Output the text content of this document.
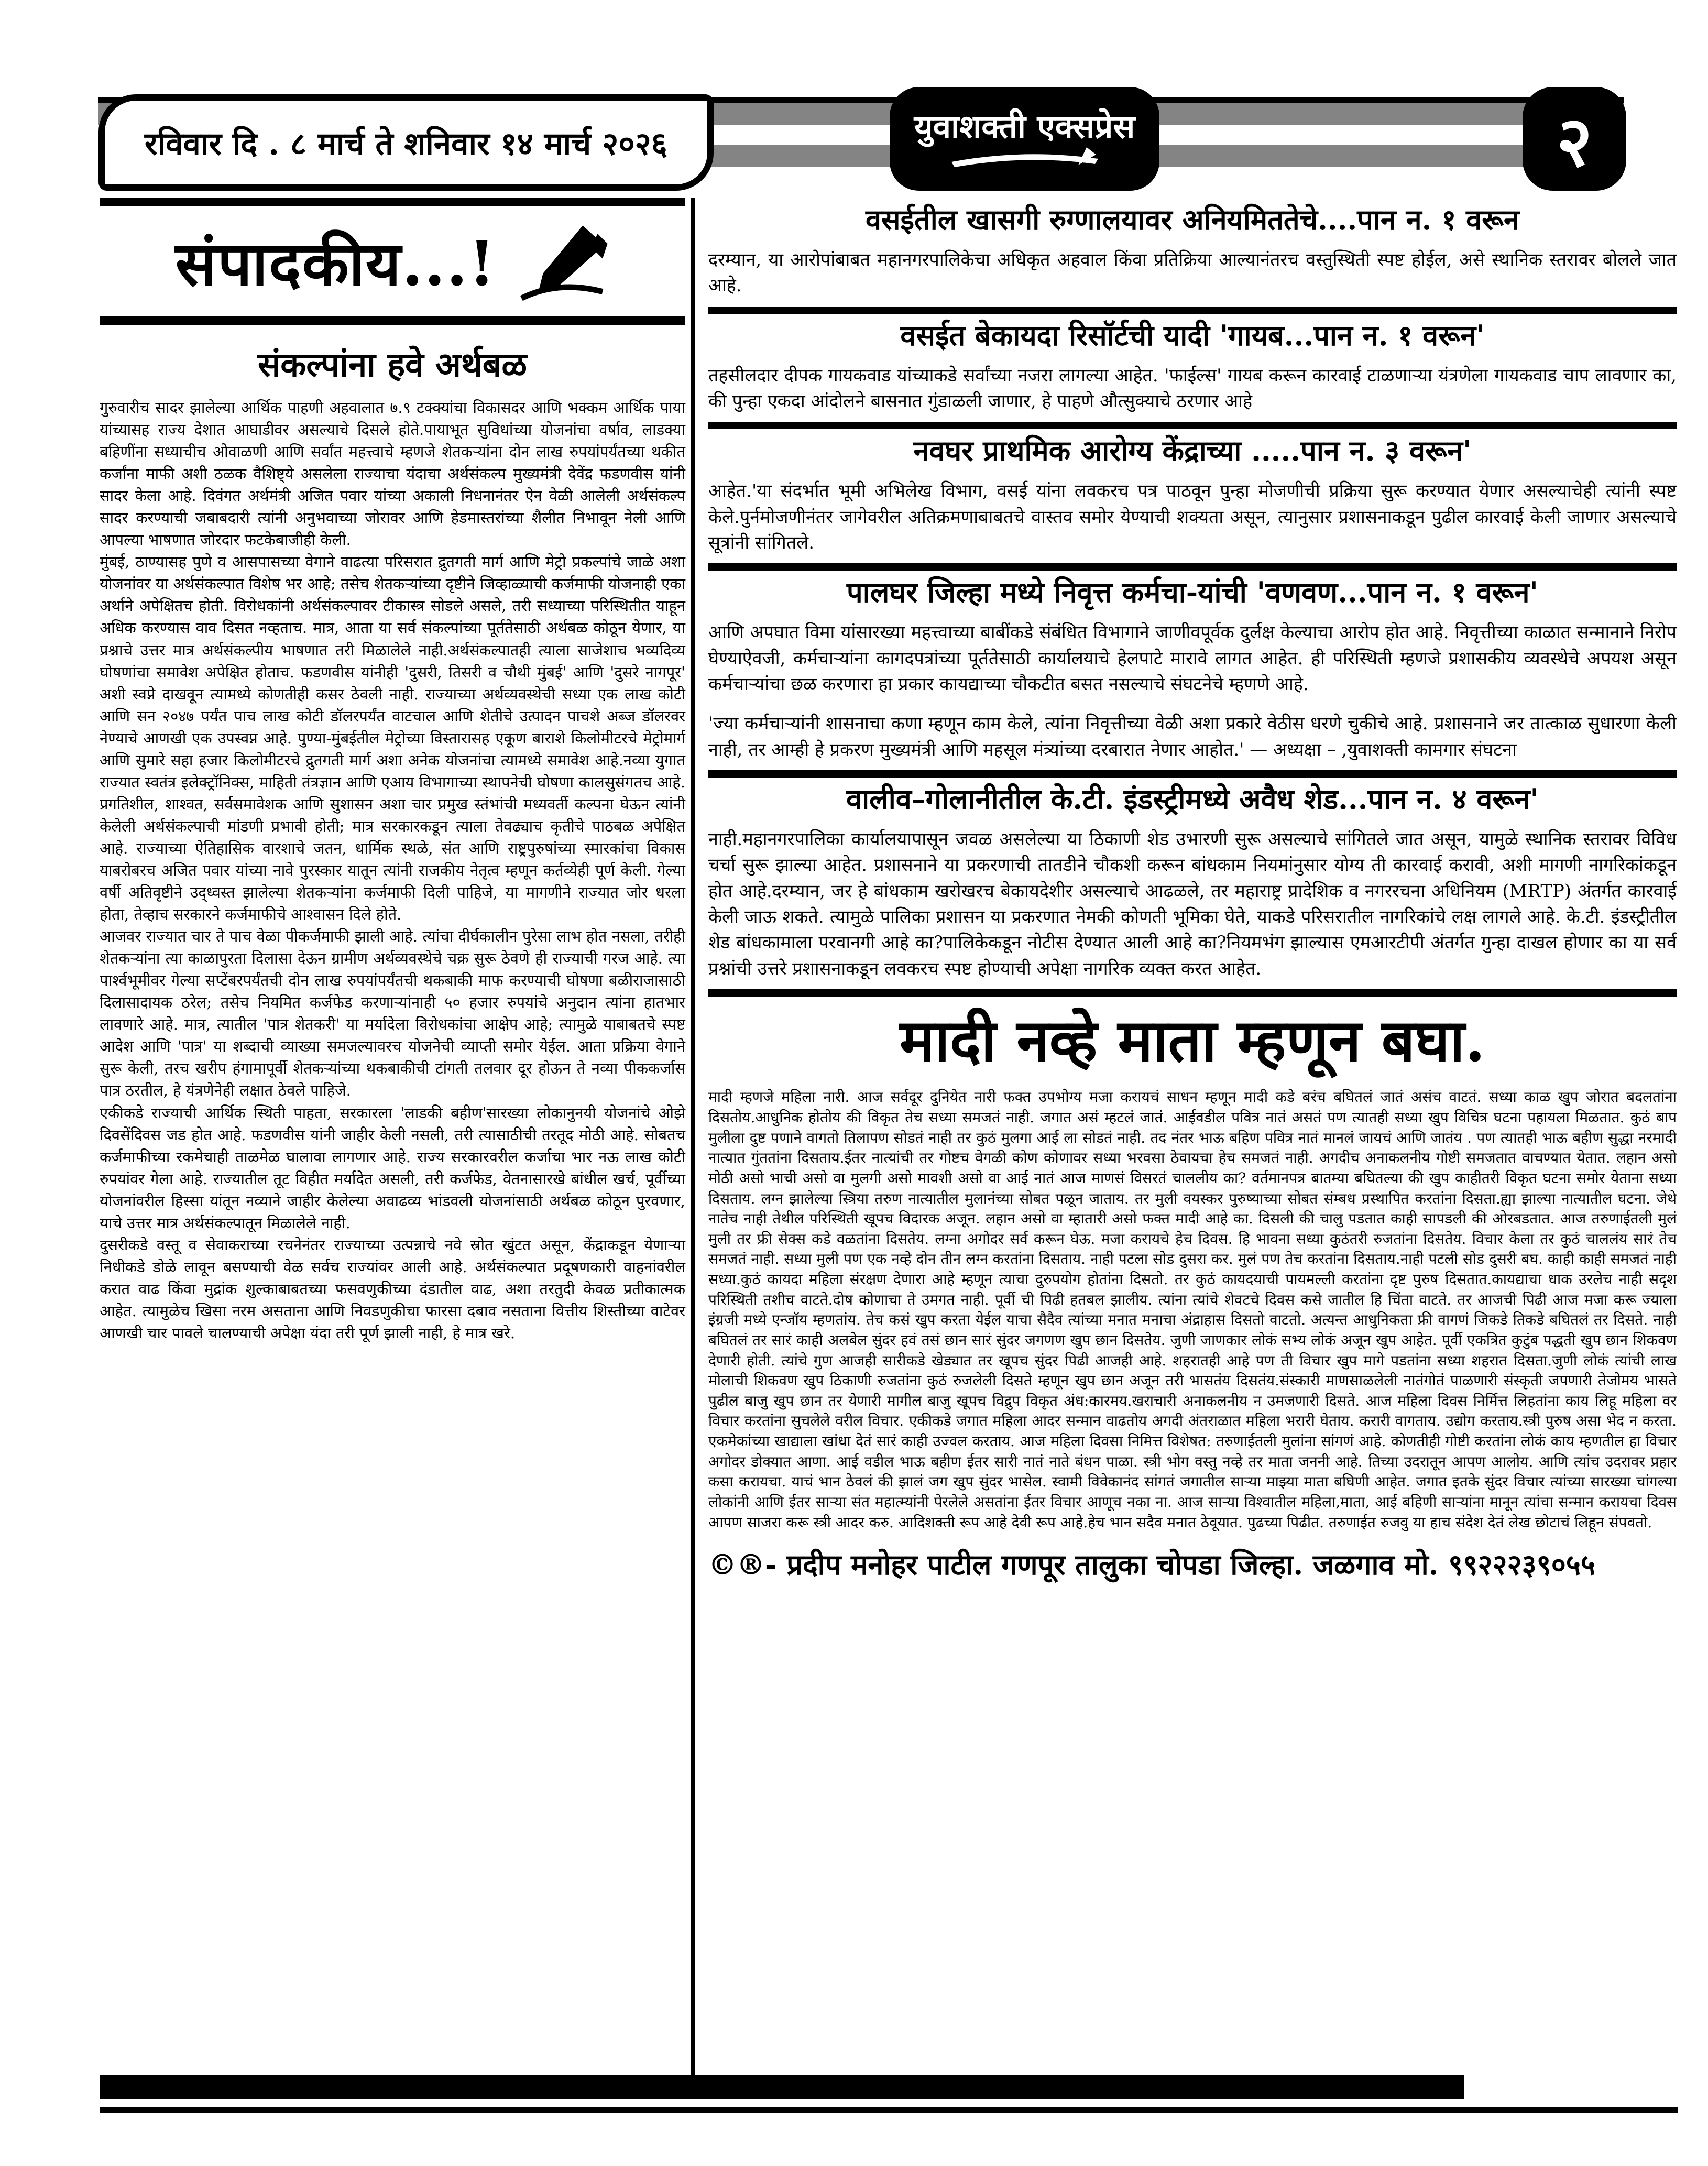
रविवार दि . ८ मार्च ते शनिवार १४ मार्च २०२६	युवाशक्ती एक्सप्रेस	२
संपादकीय...!
संकल्पांना हवे अर्थबळ

गुरुवारीच सादर झालेल्या आर्थिक पाहणी अहवालात ७.९ टक्क्यांचा विकासदर आणि भक्कम आर्थिक पाया यांच्यासह राज्य देशात आघाडीवर असल्याचे दिसले होते.पायाभूत सुविधांच्या योजनांचा वर्षाव, लाडक्या बहिणींना सध्याचीच ओवाळणी आणि सर्वांत महत्त्वाचे म्हणजे शेतकऱ्यांना दोन लाख रुपयांपर्यंतच्या थकीत कर्जांना माफी अशी ठळक वैशिष्ट्ये असलेला राज्याचा यंदाचा अर्थसंकल्प मुख्यमंत्री देवेंद्र फडणवीस यांनी सादर केला आहे. दिवंगत अर्थमंत्री अजित पवार यांच्या अकाली निधनानंतर ऐन वेळी आलेली अर्थसंकल्प सादर करण्याची जबाबदारी त्यांनी अनुभवाच्या जोरावर आणि हेडमास्तरांच्या शैलीत निभावून नेली आणि आपल्या भाषणात जोरदार फटकेबाजीही केली.

मुंबई, ठाण्यासह पुणे व आसपासच्या वेगाने वाढत्या परिसरात द्रुतगती मार्ग आणि मेट्रो प्रकल्पांचे जाळे अशा योजनांवर या अर्थसंकल्पात विशेष भर आहे; तसेच शेतकऱ्यांच्या दृष्टीने जिव्हाळ्याची कर्जमाफी योजनाही एका अर्थाने अपेक्षितच होती. विरोधकांनी अर्थसंकल्पावर टीकास्त्र सोडले असले, तरी सध्याच्या परिस्थितीत याहून अधिक करण्यास वाव दिसत नव्हताच. मात्र, आता या सर्व संकल्पांच्या पूर्ततेसाठी अर्थबळ कोठून येणार, या प्रश्नाचे उत्तर मात्र अर्थसंकल्पीय भाषणात तरी मिळालेले नाही.अर्थसंकल्पातही त्याला साजेशाच भव्यदिव्य घोषणांचा समावेश अपेक्षित होताच. फडणवीस यांनीही 'दुसरी, तिसरी व चौथी मुंबई' आणि 'दुसरे नागपूर' अशी स्वप्ने दाखवून त्यामध्ये कोणतीही कसर ठेवली नाही. राज्याच्या अर्थव्यवस्थेची सध्या एक लाख कोटी आणि सन २०४७ पर्यंत पाच लाख कोटी डॉलरपर्यंत वाटचाल आणि शेतीचे उत्पादन पाचशे अब्ज डॉलरवर नेण्याचे आणखी एक उपस्वप्न आहे. पुण्या-मुंबईतील मेट्रोच्या विस्तारासह एकूण बाराशे किलोमीटरचे मेट्रोमार्ग आणि सुमारे सहा हजार किलोमीटरचे द्रुतगती मार्ग अशा अनेक योजनांचा त्यामध्ये समावेश आहे.नव्या युगात राज्यात स्वतंत्र इलेक्ट्रॉनिक्स, माहिती तंत्रज्ञान आणि एआय विभागाच्या स्थापनेची घोषणा कालसुसंगतच आहे. प्रगतिशील, शाश्वत, सर्वसमावेशक आणि सुशासन अशा चार प्रमुख स्तंभांची मध्यवर्ती कल्पना घेऊन त्यांनी केलेली अर्थसंकल्पाची मांडणी प्रभावी होती; मात्र सरकारकडून त्याला तेवढ्याच कृतीचे पाठबळ अपेक्षित आहे. राज्याच्या ऐतिहासिक वारशाचे जतन, धार्मिक स्थळे, संत आणि राष्ट्रपुरुषांच्या स्मारकांचा विकास याबरोबरच अजित पवार यांच्या नावे पुरस्कार यातून त्यांनी राजकीय नेतृत्व म्हणून कर्तव्येही पूर्ण केली. गेल्या वर्षी अतिवृष्टीने उद्ध्वस्त झालेल्या शेतकऱ्यांना कर्जमाफी दिली पाहिजे, या मागणीने राज्यात जोर धरला होता, तेव्हाच सरकारने कर्जमाफीचे आश्वासन दिले होते.

आजवर राज्यात चार ते पाच वेळा पीकर्जमाफी झाली आहे. त्यांचा दीर्घकालीन पुरेसा लाभ होत नसला, तरीही शेतकऱ्यांना त्या काळापुरता दिलासा देऊन ग्रामीण अर्थव्यवस्थेचे चक्र सुरू ठेवणे ही राज्याची गरज आहे. त्या पार्श्वभूमीवर गेल्या सप्टेंबरपर्यंतची दोन लाख रुपयांपर्यंतची थकबाकी माफ करण्याची घोषणा बळीराजासाठी दिलासादायक ठरेल; तसेच नियमित कर्जफेड करणाऱ्यांनाही ५० हजार रुपयांचे अनुदान त्यांना हातभार लावणारे आहे. मात्र, त्यातील 'पात्र शेतकरी' या मर्यादेला विरोधकांचा आक्षेप आहे; त्यामुळे याबाबतचे स्पष्ट आदेश आणि 'पात्र' या शब्दाची व्याख्या समजल्यावरच योजनेची व्याप्ती समोर येईल. आता प्रक्रिया वेगाने सुरू केली, तरच खरीप हंगामापूर्वी शेतकऱ्यांच्या थकबाकीची टांगती तलवार दूर होऊन ते नव्या पीककर्जास पात्र ठरतील, हे यंत्रणेनेही लक्षात ठेवले पाहिजे.

एकीकडे राज्याची आर्थिक स्थिती पाहता, सरकारला 'लाडकी बहीण'सारख्या लोकानुनयी योजनांचे ओझे दिवसेंदिवस जड होत आहे. फडणवीस यांनी जाहीर केली नसली, तरी त्यासाठीची तरतूद मोठी आहे. सोबतच कर्जमाफीच्या रकमेचाही ताळमेळ घालावा लागणार आहे. राज्य सरकारवरील कर्जाचा भार नऊ लाख कोटी रुपयांवर गेला आहे. राज्यातील तूट विहीत मर्यादेत असली, तरी कर्जफेड, वेतनासारखे बांधील खर्च, पूर्वीच्या योजनांवरील हिस्सा यांतून नव्याने जाहीर केलेल्या अवाढव्य भांडवली योजनांसाठी अर्थबळ कोठून पुरवणार, याचे उत्तर मात्र अर्थसंकल्पातून मिळालेले नाही.

दुसरीकडे वस्तू व सेवाकराच्या रचनेनंतर राज्याच्या उत्पन्नाचे नवे स्रोत खुंटत असून, केंद्राकडून येणाऱ्या निधीकडे डोळे लावून बसण्याची वेळ सर्वच राज्यांवर आली आहे. अर्थसंकल्पात प्रदूषणकारी वाहनांवरील करात वाढ किंवा मुद्रांक शुल्काबाबतच्या फसवणुकीच्या दंडातील वाढ, अशा तरतुदी केवळ प्रतीकात्मक आहेत. त्यामुळेच खिसा नरम असताना आणि निवडणुकीचा फारसा दबाव नसताना वित्तीय शिस्तीच्या वाटेवर आणखी चार पावले चालण्याची अपेक्षा यंदा तरी पूर्ण झाली नाही, हे मात्र खरे.

वसईतील खासगी रुग्णालयावर अनियमिततेचे....पान न. १ वरून

दरम्यान, या आरोपांबाबत महानगरपालिकेचा अधिकृत अहवाल किंवा प्रतिक्रिया आल्यानंतरच वस्तुस्थिती स्पष्ट होईल, असे स्थानिक स्तरावर बोलले जात आहे.

वसईत बेकायदा रिसॉर्टची यादी 'गायब...पान न. १ वरून'

तहसीलदार दीपक गायकवाड यांच्याकडे सर्वांच्या नजरा लागल्या आहेत. 'फाईल्स' गायब करून कारवाई टाळणाऱ्या यंत्रणेला गायकवाड चाप लावणार का, की पुन्हा एकदा आंदोलने बासनात गुंडाळली जाणार, हे पाहणे औत्सुक्याचे ठरणार आहे

नवघर प्राथमिक आरोग्य केंद्राच्या .....पान न. ३ वरून'

आहेत.'या संदर्भात भूमी अभिलेख विभाग, वसई यांना लवकरच पत्र पाठवून पुन्हा मोजणीची प्रक्रिया सुरू करण्यात येणार असल्याचेही त्यांनी स्पष्ट केले.पुर्नमोजणीनंतर जागेवरील अतिक्रमणाबाबतचे वास्तव समोर येण्याची शक्यता असून, त्यानुसार प्रशासनाकडून पुढील कारवाई केली जाणार असल्याचे सूत्रांनी सांगितले.

पालघर जिल्हा मध्ये निवृत्त कर्मचा-यांची 'वणवण...पान न. १ वरून'

आणि अपघात विमा यांसारख्या महत्त्वाच्या बाबींकडे संबंधित विभागाने जाणीवपूर्वक दुर्लक्ष केल्याचा आरोप होत आहे. निवृत्तीच्या काळात सन्मानाने निरोप घेण्याऐवजी, कर्मचाऱ्यांना कागदपत्रांच्या पूर्ततेसाठी कार्यालयाचे हेलपाटे मारावे लागत आहेत. ही परिस्थिती म्हणजे प्रशासकीय व्यवस्थेचे अपयश असून कर्मचाऱ्यांचा छळ करणारा हा प्रकार कायद्याच्या चौकटीत बसत नसल्याचे संघटनेचे म्हणणे आहे.

'ज्या कर्मचाऱ्यांनी शासनाचा कणा म्हणून काम केले, त्यांना निवृत्तीच्या वेळी अशा प्रकारे वेठीस धरणे चुकीचे आहे. प्रशासनाने जर तात्काळ सुधारणा केली नाही, तर आम्ही हे प्रकरण मुख्यमंत्री आणि महसूल मंत्र्यांच्या दरबारात नेणार आहोत.' — अध्यक्षा – ,युवाशक्ती कामगार संघटना

वालीव–गोलानीतील के.टी. इंडस्ट्रीमध्ये अवैध शेड...पान न. ४ वरून'

नाही.महानगरपालिका कार्यालयापासून जवळ असलेल्या या ठिकाणी शेड उभारणी सुरू असल्याचे सांगितले जात असून, यामुळे स्थानिक स्तरावर विविध चर्चा सुरू झाल्या आहेत. प्रशासनाने या प्रकरणाची तातडीने चौकशी करून बांधकाम नियमांनुसार योग्य ती कारवाई करावी, अशी मागणी नागरिकांकडून होत आहे.दरम्यान, जर हे बांधकाम खरोखरच बेकायदेशीर असल्याचे आढळले, तर महाराष्ट्र प्रादेशिक व नगररचना अधिनियम (MRTP) अंतर्गत कारवाई केली जाऊ शकते. त्यामुळे पालिका प्रशासन या प्रकरणात नेमकी कोणती भूमिका घेते, याकडे परिसरातील नागरिकांचे लक्ष लागले आहे. के.टी. इंडस्ट्रीतील शेड बांधकामाला परवानगी आहे का?पालिकेकडून नोटीस देण्यात आली आहे का?नियमभंग झाल्यास एमआरटीपी अंतर्गत गुन्हा दाखल होणार का या सर्व प्रश्नांची उत्तरे प्रशासनाकडून लवकरच स्पष्ट होण्याची अपेक्षा नागरिक व्यक्त करत आहेत.

मादी नव्हे माता म्हणून बघा.
मादी म्हणजे महिला नारी. आज सर्वदूर दुनियेत नारी फक्त उपभोग्य मजा करायचं साधन म्हणून मादी कडे बरंच बघितलं जातं असंच वाटतं. सध्या काळ खुप जोरात बदलतांना दिसतोय.आधुनिक होतोय की विकृत तेच सध्या समजतं नाही. जगात असं म्हटलं जातं. आईवडील पवित्र नातं असतं पण त्यातही सध्या खुप विचित्र घटना पहायला मिळतात. कुठं बाप मुलीला दुष्ट पणाने वागतो तिलापण सोडतं नाही तर कुठं मुलगा आई ला सोडतं नाही. तद नंतर भाऊ बहिण पवित्र नातं मानलं जायचं आणि जातंय . पण त्यातही भाऊ बहीण सुद्धा नरमादी नात्यात गुंततांना दिसताय.ईतर नात्यांची तर गोष्टच वेगळी कोण कोणावर सध्या भरवसा ठेवायचा हेच समजतं नाही. अगदीच अनाकलनीय गोष्टी समजतात वाचण्यात येतात. लहान असो मोठी असो भाची असो वा मुलगी असो मावशी असो वा आई नातं आज माणसं विसरतं चाललीय का? वर्तमानपत्र बातम्या बघितल्या की खुप काहीतरी विकृत घटना समोर येताना सध्या दिसताय. लग्न झालेल्या स्त्रिया तरुण नात्यातील मुलानंच्या सोबत पळून जाताय. तर मुली वयस्कर पुरुष्याच्या सोबत संम्बध प्रस्थापित करतांना दिसता.ह्या झाल्या नात्यातील घटना. जेथे नातेच नाही तेथील परिस्थिती खूपच विदारक अजून. लहान असो वा म्हातारी असो फक्त मादी आहे का. दिसली की चालु पडतात काही सापडली की ओरबडतात. आज तरुणाईतली मुलं मुली तर फ्री सेक्स कडे वळतांना दिसतेय. लग्ना अगोदर सर्व करून घेऊ. मजा करायचे हेच दिवस. हि भावना सध्या कुठंतरी रुजतांना दिसतेय. विचार केला तर कुठं चाललंय सारं तेच समजतं नाही. सध्या मुली पण एक नव्हे दोन तीन लग्न करतांना दिसताय. नाही पटला सोड दुसरा कर. मुलं पण तेच करतांना दिसताय.नाही पटली सोड दुसरी बघ. काही काही समजतं नाही सध्या.कुठं कायदा महिला संरक्षण देणारा आहे म्हणून त्याचा दुरुपयोग होतांना दिसतो. तर कुठं कायदयाची पायमल्ली करतांना दृष्ट पुरुष दिसतात.कायद्याचा धाक उरलेच नाही सदृश परिस्थिती तशीच वाटते.दोष कोणाचा ते उमगत नाही. पूर्वी ची पिढी हतबल झालीय. त्यांना त्यांचे शेवटचे दिवस कसे जातील हि चिंता वाटते. तर आजची पिढी आज मजा करू ज्याला इंग्रजी मध्ये एन्जॉय म्हणतांय. तेच कसं खुप करता येईल याचा सैदैव त्यांच्या मनात मनाचा अंद्राहास दिसतो वाटतो. अत्यन्त आधुनिकता फ्री वागणं जिकडे तिकडे बघितलं तर दिसते. नाही बघितलं तर सारं काही अलबेल सुंदर हवं तसं छान सारं सुंदर जगणण खुप छान दिसतेय. जुणी जाणकार लोकं सभ्य लोकं अजून खुप आहेत. पूर्वी एकत्रित कुटुंब पद्धती खुप छान शिकवण देणारी होती. त्यांचे गुण आजही सारीकडे खेड्यात तर खूपच सुंदर पिढी आजही आहे. शहरातही आहे पण ती विचार खुप मागे पडतांना सध्या शहरात दिसता.जुणी लोकं त्यांची लाख मोलाची शिकवण खुप ठिकाणी रुजतांना कुठं रुजलेली दिसते म्हणून खुप छान अजून तरी भासतंय दिसतंय.संस्कारी माणसाळलेली नातंगोतं पाळणारी संस्कृती जपणारी तेजोमय भासते पुढील बाजु खुप छान तर येणारी मागील बाजु खूपच विद्रुप विकृत अंध:कारमय.खराचारी अनाकलनीय न उमजणारी दिसते. आज महिला दिवस निर्मित्त लिहतांना काय लिहू महिला वर विचार करतांना सुचलेले वरील विचार. एकीकडे जगात महिला आदर सन्मान वाढतोय अगदी अंतराळात महिला भरारी घेताय. करारी वागताय. उद्योग करताय.स्त्री पुरुष असा भेद न करता. एकमेकांच्या खाद्याला खांधा देतं सारं काही उज्वल करताय. आज महिला दिवसा निमित्त विशेषत: तरुणाईतली मुलांना सांगणं आहे. कोणतीही गोष्टी करतांना लोकं काय म्हणतील हा विचार अगोदर डोक्यात आणा. आई वडील भाऊ बहीण ईतर सारी नातं नाते बंधन पाळा. स्त्री भोग वस्तु नव्हे तर माता जननी आहे. तिच्या उदरातून आपण आलोय. आणि त्यांच उदरावर प्रहार कसा करायचा. याचं भान ठेवलं की झालं जग खुप सुंदर भासेल. स्वामी विवेकानंद सांगतं जगातील साऱ्या माझ्या माता बघिणी आहेत. जगात इतके सुंदर विचार त्यांच्या सारख्या चांगल्या लोकांनी आणि ईतर साऱ्या संत महात्म्यांनी पेरलेले असतांना ईतर विचार आणूच नका ना. आज साऱ्या विश्वातील महिला,माता, आई बहिणी साऱ्यांना मानून त्यांचा सन्मान करायचा दिवस आपण साजरा करू स्त्री आदर करु. आदिशक्ती रूप आहे देवी रूप आहे.हेच भान सदैव मनात ठेवूयात. पुढच्या पिढीत. तरुणाईत रुजवु या हाच संदेश देतं लेख छोटाचं लिहून संपवतो.
©®- प्रदीप मनोहर पाटील गणपूर तालुका चोपडा जिल्हा. जळगाव मो. ९९२२२३९०५५
